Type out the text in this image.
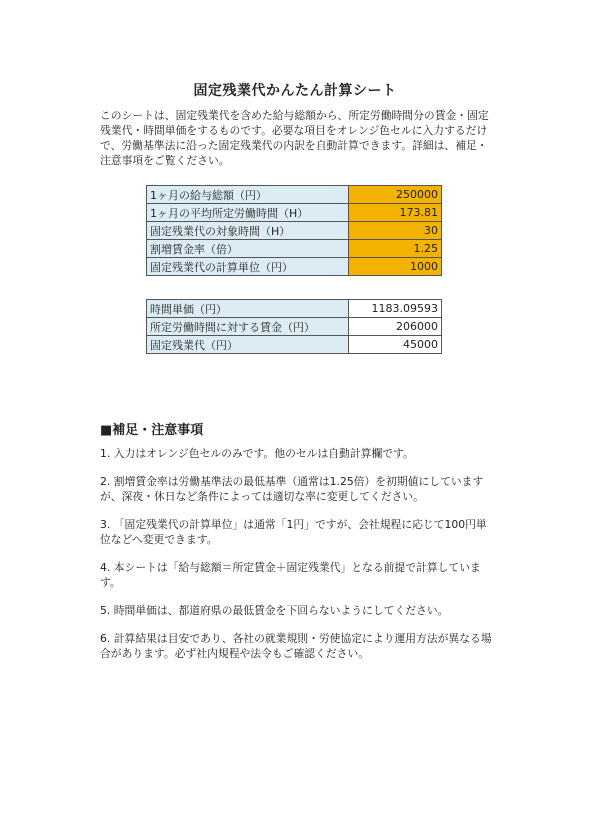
固定残業代かんたん計算シート
このシートは、固定残業代を含めた給与総額から、所定労働時間分の賃金・固定残業代・時間単価をするものです。必要な項目をオレンジ色セルに入力するだけで、労働基準法に沿った固定残業代の内訳を自動計算できます。詳細は、補足・注意事項をご覧ください。
1ヶ月の給与総額（円）	250000
1ヶ月の平均所定労働時間（H）	173.81
固定残業代の対象時間（H）	30
割増賃金率（倍）	1.25
固定残業代の計算単位（円）	1000
時間単価（円）	1183.09593
所定労働時間に対する賃金（円）	206000
固定残業代（円）	45000
■補足・注意事項

1. 入力はオレンジ色セルのみです。他のセルは自動計算欄です。

2. 割増賃金率は労働基準法の最低基準（通常は1.25倍）を初期値にしていますが、深夜・休日など条件によっては適切な率に変更してください。

3. 「固定残業代の計算単位」は通常「1円」ですが、会社規程に応じて100円単位などへ変更できます。

4. 本シートは「給与総額＝所定賃金＋固定残業代」となる前提で計算しています。

5. 時間単価は、都道府県の最低賃金を下回らないようにしてください。

6. 計算結果は目安であり、各社の就業規則・労使協定により運用方法が異なる場合があります。必ず社内規程や法令もご確認ください。
